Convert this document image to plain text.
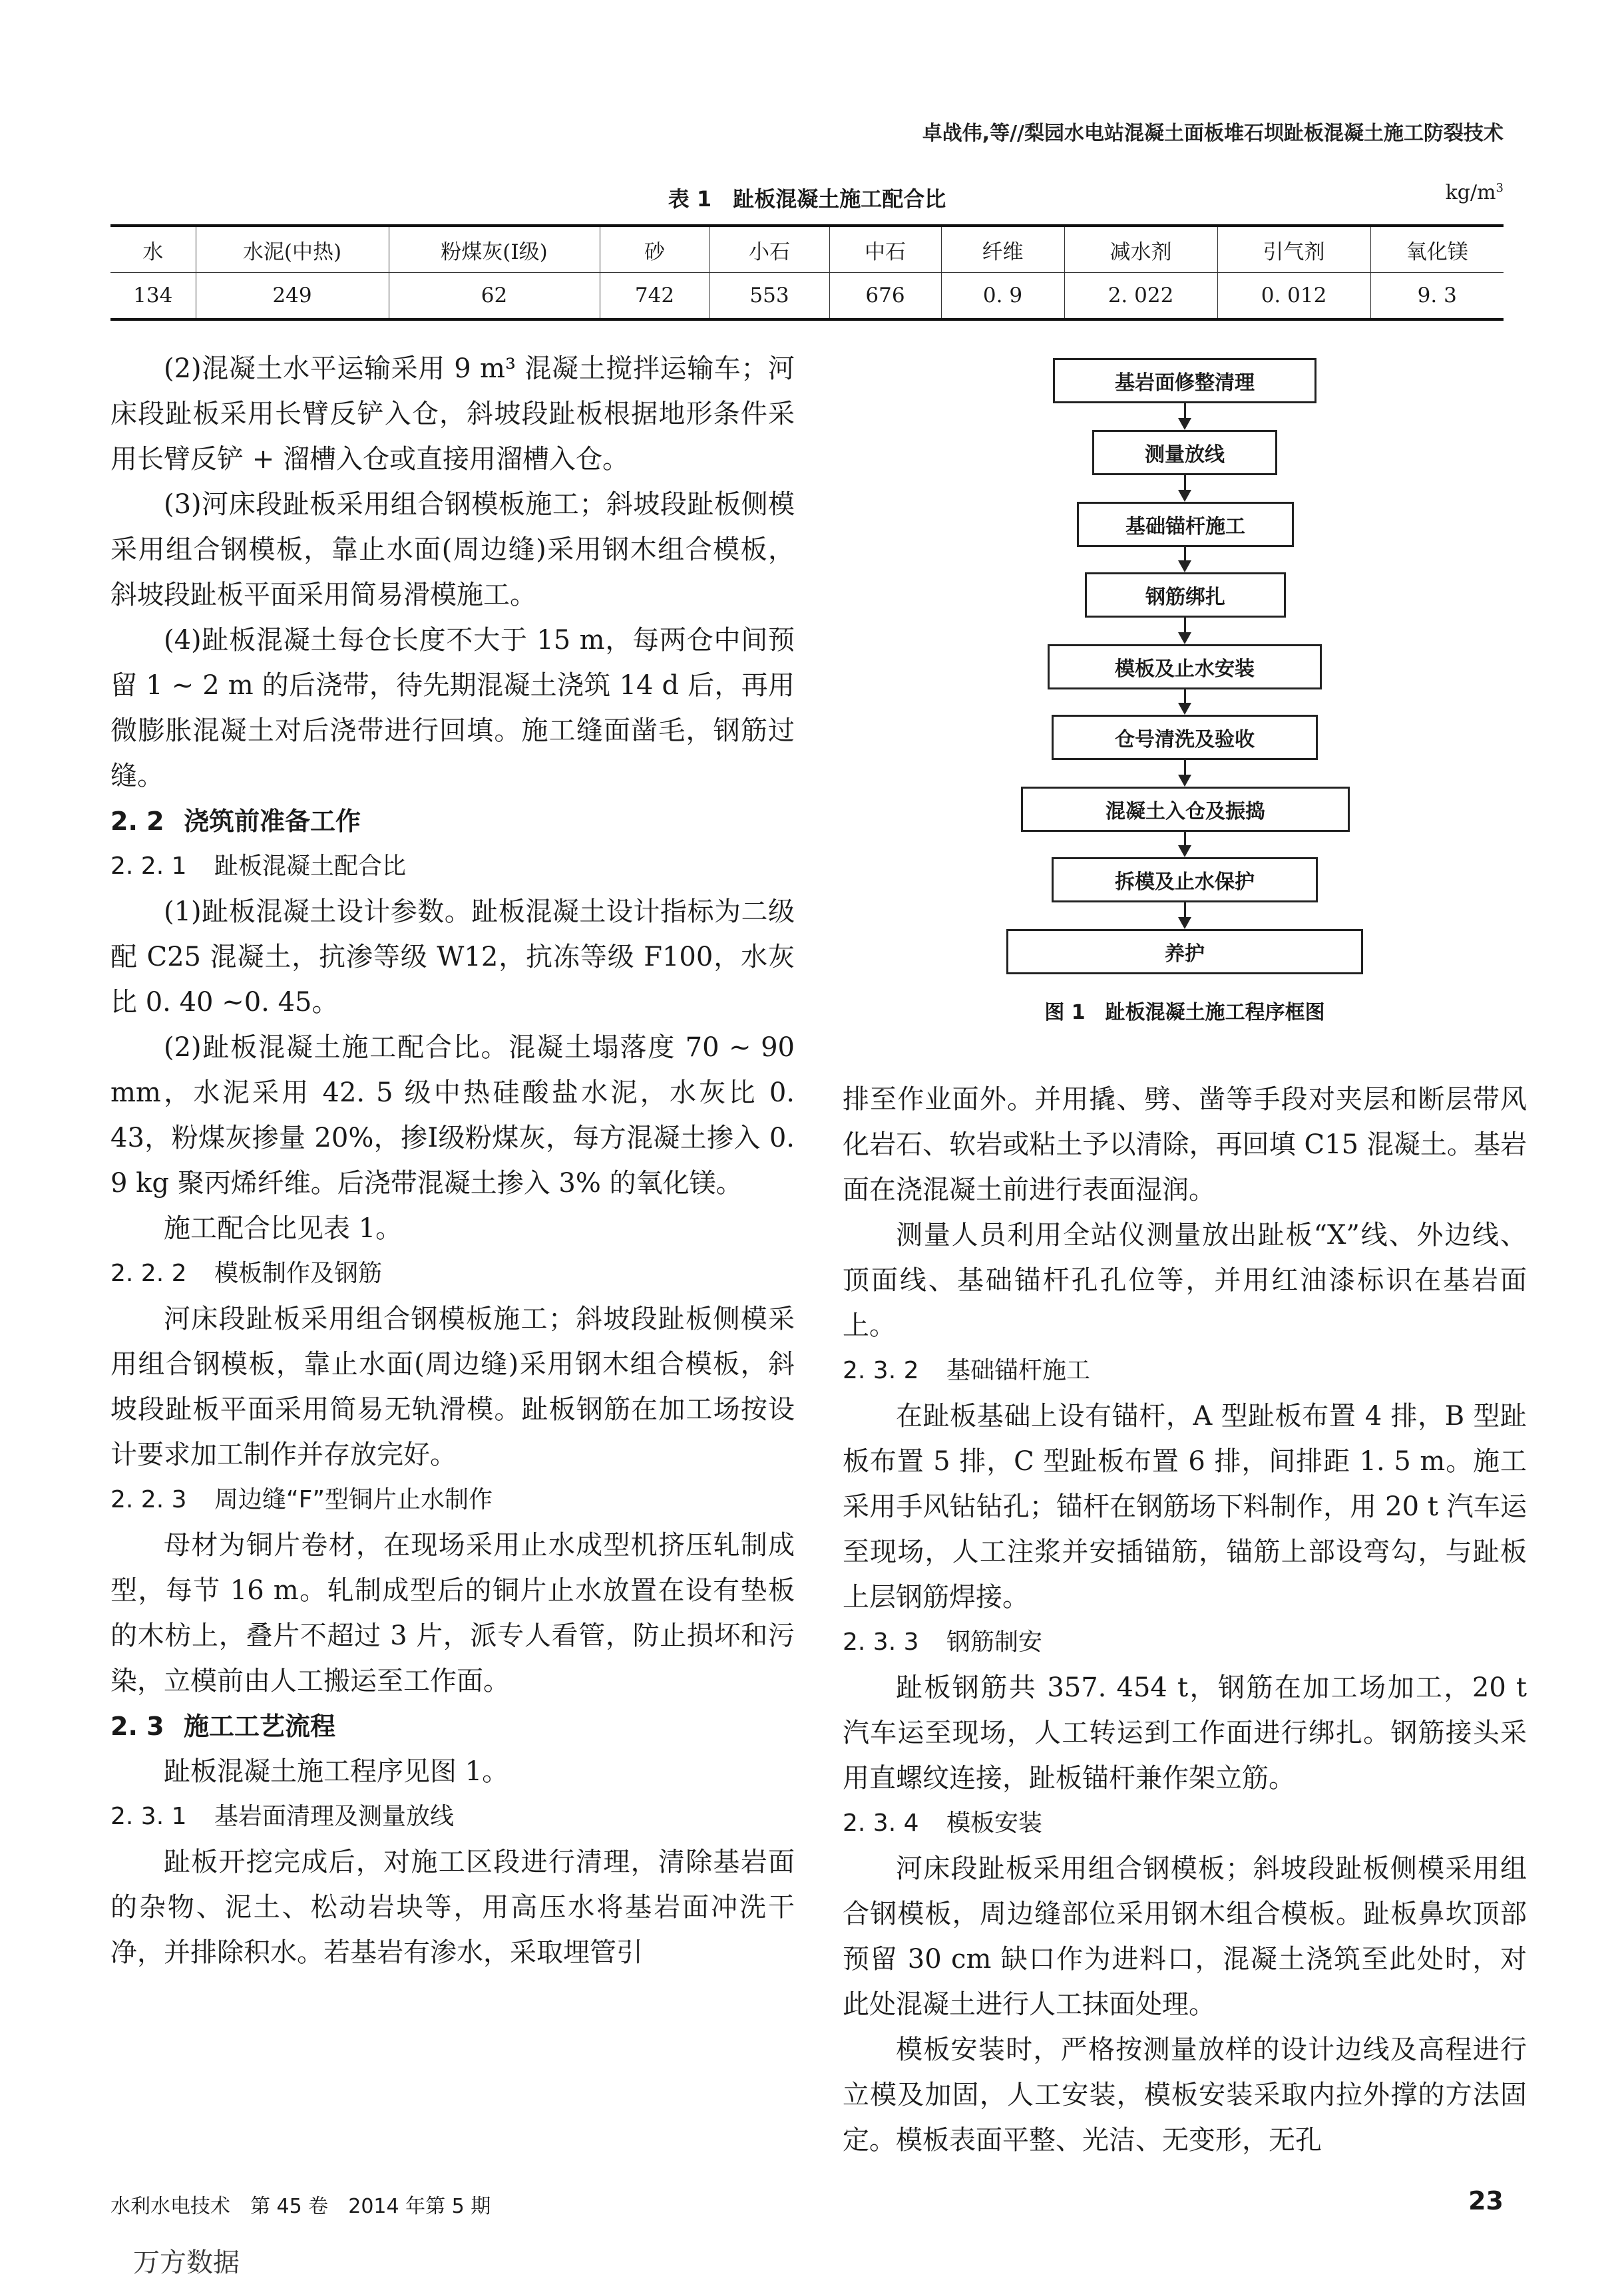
卓战伟,等//梨园水电站混凝土面板堆石坝趾板混凝土施工防裂技术
表 1　趾板混凝土施工配合比	$kg/m^3$
水	水泥(中热)	粉煤灰(Ⅰ级)	砂	小石	中石	纤维	减水剂	引气剂	氧化镁
134	249	62	742	553	676	0. 9	2. 022	0. 012	9. 3

(2)混凝土水平运输采用 9 m³ 混凝土搅拌运输车；河床段趾板采用长臂反铲入仓，斜坡段趾板根据地形条件采用长臂反铲 + 溜槽入仓或直接用溜槽入仓。

(3)河床段趾板采用组合钢模板施工；斜坡段趾板侧模采用组合钢模板，靠止水面(周边缝)采用钢木组合模板，斜坡段趾板平面采用简易滑模施工。

(4)趾板混凝土每仓长度不大于 15 m，每两仓中间预留 1 ~ 2 m 的后浇带，待先期混凝土浇筑 14 d 后，再用微膨胀混凝土对后浇带进行回填。施工缝面凿毛，钢筋过缝。

2. 2 浇筑前准备工作
2. 2. 1 趾板混凝土配合比

(1)趾板混凝土设计参数。趾板混凝土设计指标为二级配 C25 混凝土，抗渗等级 W12，抗冻等级 F100，水灰比 0. 40 ~0. 45。

(2)趾板混凝土施工配合比。混凝土塌落度 70 ~ 90 mm，水泥采用 42. 5 级中热硅酸盐水泥，水灰比 0. 43，粉煤灰掺量 20%，掺Ⅰ级粉煤灰，每方混凝土掺入 0. 9 kg 聚丙烯纤维。后浇带混凝土掺入 3% 的氧化镁。

施工配合比见表 1。

2. 2. 2 模板制作及钢筋

河床段趾板采用组合钢模板施工；斜坡段趾板侧模采用组合钢模板，靠止水面(周边缝)采用钢木组合模板，斜坡段趾板平面采用简易无轨滑模。趾板钢筋在加工场按设计要求加工制作并存放完好。

2. 2. 3 周边缝“F”型铜片止水制作

母材为铜片卷材，在现场采用止水成型机挤压轧制成型，每节 16 m。轧制成型后的铜片止水放置在设有垫板的木枋上，叠片不超过 3 片，派专人看管，防止损坏和污染，立模前由人工搬运至工作面。

2. 3 施工工艺流程

趾板混凝土施工程序见图 1。

2. 3. 1 基岩面清理及测量放线

趾板开挖完成后，对施工区段进行清理，清除基岩面的杂物、泥土、松动岩块等，用高压水将基岩面冲洗干净，并排除积水。若基岩有渗水，采取埋管引

基岩面修整清理
测量放线
基础锚杆施工
钢筋绑扎
模板及止水安装
仓号清洗及验收
混凝土入仓及振捣
拆模及止水保护
养护
图 1　趾板混凝土施工程序框图

排至作业面外。并用撬、劈、凿等手段对夹层和断层带风化岩石、软岩或粘土予以清除，再回填 C15 混凝土。基岩面在浇混凝土前进行表面湿润。

测量人员利用全站仪测量放出趾板“X”线、外边线、顶面线、基础锚杆孔孔位等，并用红油漆标识在基岩面上。

2. 3. 2 基础锚杆施工

在趾板基础上设有锚杆，A 型趾板布置 4 排，B 型趾板布置 5 排，C 型趾板布置 6 排，间排距 1. 5 m。施工采用手风钻钻孔；锚杆在钢筋场下料制作，用 20 t 汽车运至现场，人工注浆并安插锚筋，锚筋上部设弯勾，与趾板上层钢筋焊接。

2. 3. 3 钢筋制安

趾板钢筋共 357. 454 t，钢筋在加工场加工，20 t 汽车运至现场，人工转运到工作面进行绑扎。钢筋接头采用直螺纹连接，趾板锚杆兼作架立筋。

2. 3. 4 模板安装

河床段趾板采用组合钢模板；斜坡段趾板侧模采用组合钢模板，周边缝部位采用钢木组合模板。趾板鼻坎顶部预留 30 cm 缺口作为进料口，混凝土浇筑至此处时，对此处混凝土进行人工抹面处理。

模板安装时，严格按测量放样的设计边线及高程进行立模及加固，人工安装，模板安装采取内拉外撑的方法固定。模板表面平整、光洁、无变形，无孔

水利水电技术　第 45 卷　2014 年第 5 期	23
万方数据
